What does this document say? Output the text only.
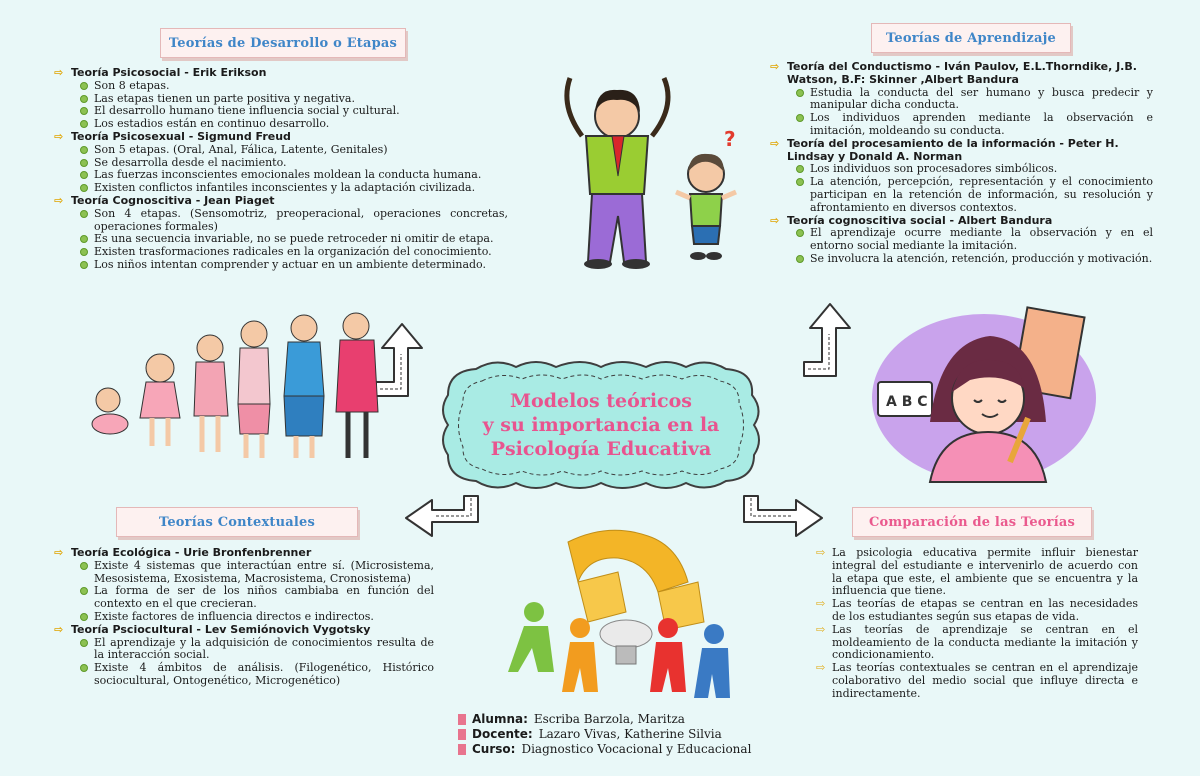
Teorías de Desarrollo o Etapas	Teorías de Aprendizaje
Teorías Contextuales	Comparación de las Teorías
⇨ Teoría Psicosocial - Erik Erikson
Son 8 etapas.
Las etapas tienen un parte positiva y negativa.
El desarrollo humano tiene influencia social y cultural.
Los estadios están en continuo desarrollo.
⇨ Teoría Psicosexual - Sigmund Freud
Son 5 etapas. (Oral, Anal, Fálica, Latente, Genitales)
Se desarrolla desde el nacimiento.
Las fuerzas inconscientes emocionales moldean la conducta humana.
Existen conflictos infantiles inconscientes y la adaptación civilizada.
⇨ Teoría Cognoscitiva - Jean Piaget
Son 4 etapas. (Sensomotriz, preoperacional, operaciones concretas, operaciones formales)
Es una secuencia invariable, no se puede retroceder ni omitir de etapa.
Existen trasformaciones radicales en la organización del conocimiento.
Los niños intentan comprender y actuar en un ambiente determinado.
⇨ Teoría del Conductismo - Iván Paulov, E.L.Thorndike, J.B. Watson, B.F: Skinner ,Albert Bandura
Estudia la conducta del ser humano y busca predecir y manipular dicha conducta.
Los individuos aprenden mediante la observación e imitación, moldeando su conducta.
⇨ Teoría del procesamiento de la información - Peter H. Lindsay y Donald A. Norman
Los individuos son procesadores simbólicos.
La atención, percepción, representación y el conocimiento participan en la retención de información, su resolución y afrontamiento en diversos contextos.
⇨ Teoría cognoscitiva social - Albert Bandura
El aprendizaje ocurre mediante la observación y en el entorno social mediante la imitación.
Se involucra la atención, retención, producción y motivación.
⇨ Teoría Ecológica - Urie Bronfenbrenner
Existe 4 sistemas que interactúan entre sí. (Microsistema, Mesosistema, Exosistema, Macrosistema, Cronosistema)
La forma de ser de los niños cambiaba en función del contexto en el que crecieran.
Existe factores de influencia directos e indirectos.
⇨ Teoría Psciocultural - Lev Semiónovich Vygotsky
El aprendizaje y la adquisición de conocimientos resulta de la interacción social.
Existe 4 ámbitos de análisis. (Filogenético, Histórico sociocultural, Ontogenético, Microgenético)
⇨ La psicologia educativa permite influir bienestar integral del estudiante e intervenirlo de acuerdo con la etapa que este, el ambiente que se encuentra y la influencia que tiene.
⇨ Las teorías de etapas se centran en las necesidades de los estudiantes según sus etapas de vida.
⇨ Las teorías de aprendizaje se centran en el moldeamiento de la conducta mediante la imitación y condicionamiento.
⇨ Las teorías contextuales se centran en el aprendizaje colaborativo del medio social que influye directa e indirectamente.
Modelos teóricos
y su importancia en la
Psicología Educativa
?
A B C
Alumna: Escriba Barzola, Maritza
Docente: Lazaro Vivas, Katherine Silvia
Curso: Diagnostico Vocacional y Educacional
